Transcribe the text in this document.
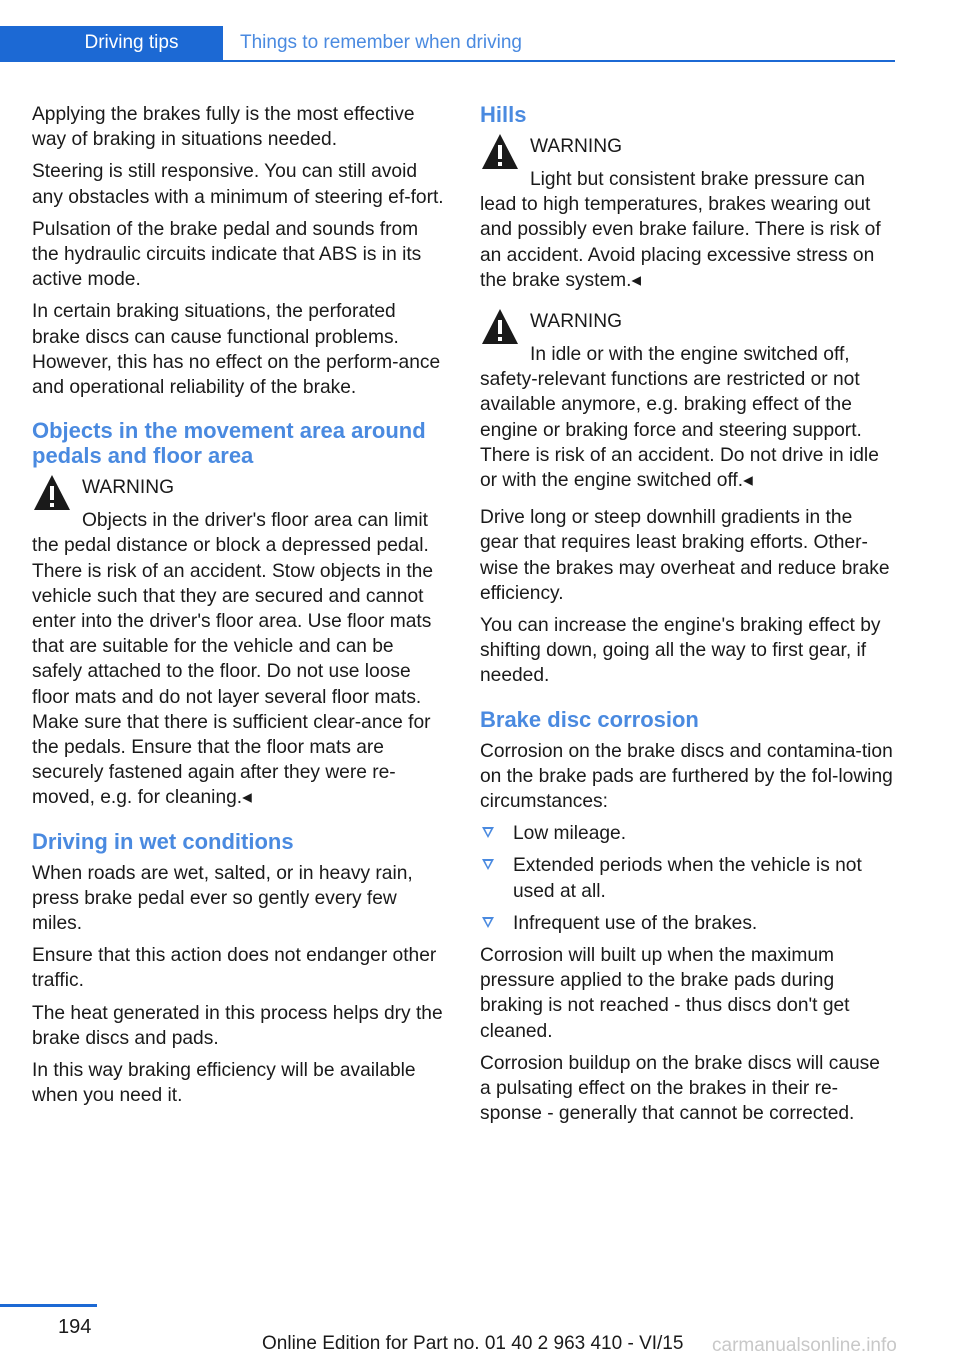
Driving tips	Things to remember when driving

Applying the brakes fully is the most effective way of braking in situations needed.

Steering is still responsive. You can still avoid any obstacles with a minimum of steering ef‐fort.

Pulsation of the brake pedal and sounds from the hydraulic circuits indicate that ABS is in its active mode.

In certain braking situations, the perforated brake discs can cause functional problems. However, this has no effect on the perform‐ance and operational reliability of the brake.

Objects in the movement area around pedals and floor area
WARNING
Objects in the driver's floor area can limit
the pedal distance or block a depressed pedal. There is risk of an accident. Stow objects in the vehicle such that they are secured and cannot enter into the driver's floor area. Use floor mats that are suitable for the vehicle and can be safely attached to the floor. Do not use loose floor mats and do not layer several floor mats. Make sure that there is sufficient clear‐ance for the pedals. Ensure that the floor mats are securely fastened again after they were re‐moved, e.g. for cleaning.◂
Driving in wet conditions

When roads are wet, salted, or in heavy rain, press brake pedal ever so gently every few miles.

Ensure that this action does not endanger other traffic.

The heat generated in this process helps dry the brake discs and pads.

In this way braking efficiency will be available when you need it.

Hills
WARNING
Light but consistent brake pressure can
lead to high temperatures, brakes wearing out and possibly even brake failure. There is risk of an accident. Avoid placing excessive stress on the brake system.◂
WARNING
In idle or with the engine switched off,
safety-relevant functions are restricted or not available anymore, e.g. braking effect of the engine or braking force and steering support. There is risk of an accident. Do not drive in idle or with the engine switched off.◂

Drive long or steep downhill gradients in the gear that requires least braking efforts. Other‐wise the brakes may overheat and reduce brake efficiency.

You can increase the engine's braking effect by shifting down, going all the way to first gear, if needed.

Brake disc corrosion

Corrosion on the brake discs and contamina‐tion on the brake pads are furthered by the fol‐lowing circumstances:

Low mileage.
Extended periods when the vehicle is not used at all.
Infrequent use of the brakes.

Corrosion will built up when the maximum pressure applied to the brake pads during braking is not reached - thus discs don't get cleaned.

Corrosion buildup on the brake discs will cause a pulsating effect on the brakes in their re‐sponse - generally that cannot be corrected.

194
Online Edition for Part no. 01 40 2 963 410 - VI/15 carmanualsonline.info
